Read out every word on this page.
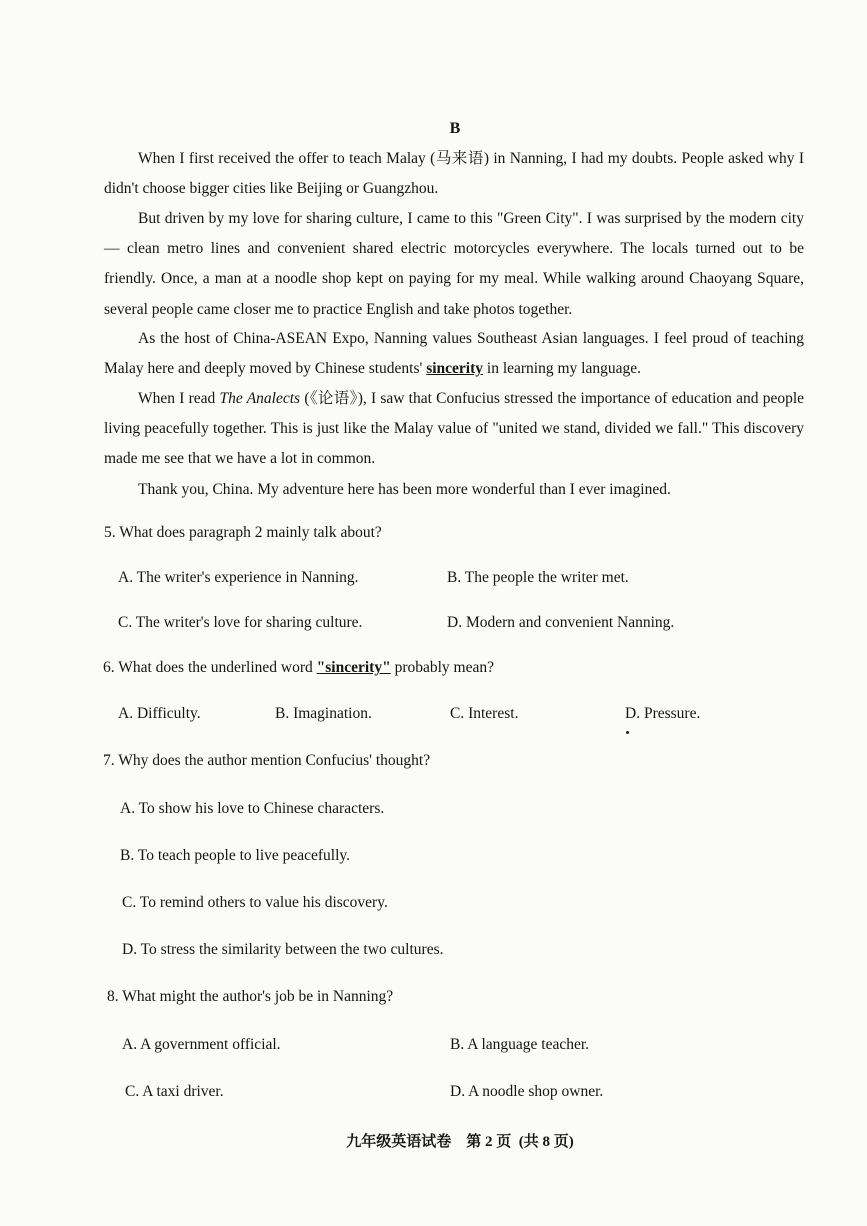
B

When I first received the offer to teach Malay (马来语) in Nanning, I had my doubts. People asked why I didn't choose bigger cities like Beijing or Guangzhou.

But driven by my love for sharing culture, I came to this "Green City". I was surprised by the modern city — clean metro lines and convenient shared electric motorcycles everywhere. The locals turned out to be friendly. Once, a man at a noodle shop kept on paying for my meal. While walking around Chaoyang Square, several people came closer me to practice English and take photos together.

As the host of China-ASEAN Expo, Nanning values Southeast Asian languages. I feel proud of teaching Malay here and deeply moved by Chinese students' sincerity in learning my language.

When I read The Analects (《论语》), I saw that Confucius stressed the importance of education and people living peacefully together. This is just like the Malay value of "united we stand, divided we fall." This discovery made me see that we have a lot in common.

Thank you, China. My adventure here has been more wonderful than I ever imagined.

5. What does paragraph 2 mainly talk about?
A. The writer's experience in Nanning.	B. The people the writer met.
C. The writer's love for sharing culture.	D. Modern and convenient Nanning.
6. What does the underlined word "sincerity" probably mean?
A. Difficulty.	B. Imagination.	C. Interest.	D. Pressure.
7. Why does the author mention Confucius' thought?
A. To show his love to Chinese characters.
B. To teach people to live peacefully.
C. To remind others to value his discovery.
D. To stress the similarity between the two cultures.
8. What might the author's job be in Nanning?
A. A government official.	B. A language teacher.
C. A taxi driver.	D. A noodle shop owner.
九年级英语试卷    第 2 页  (共 8 页)
